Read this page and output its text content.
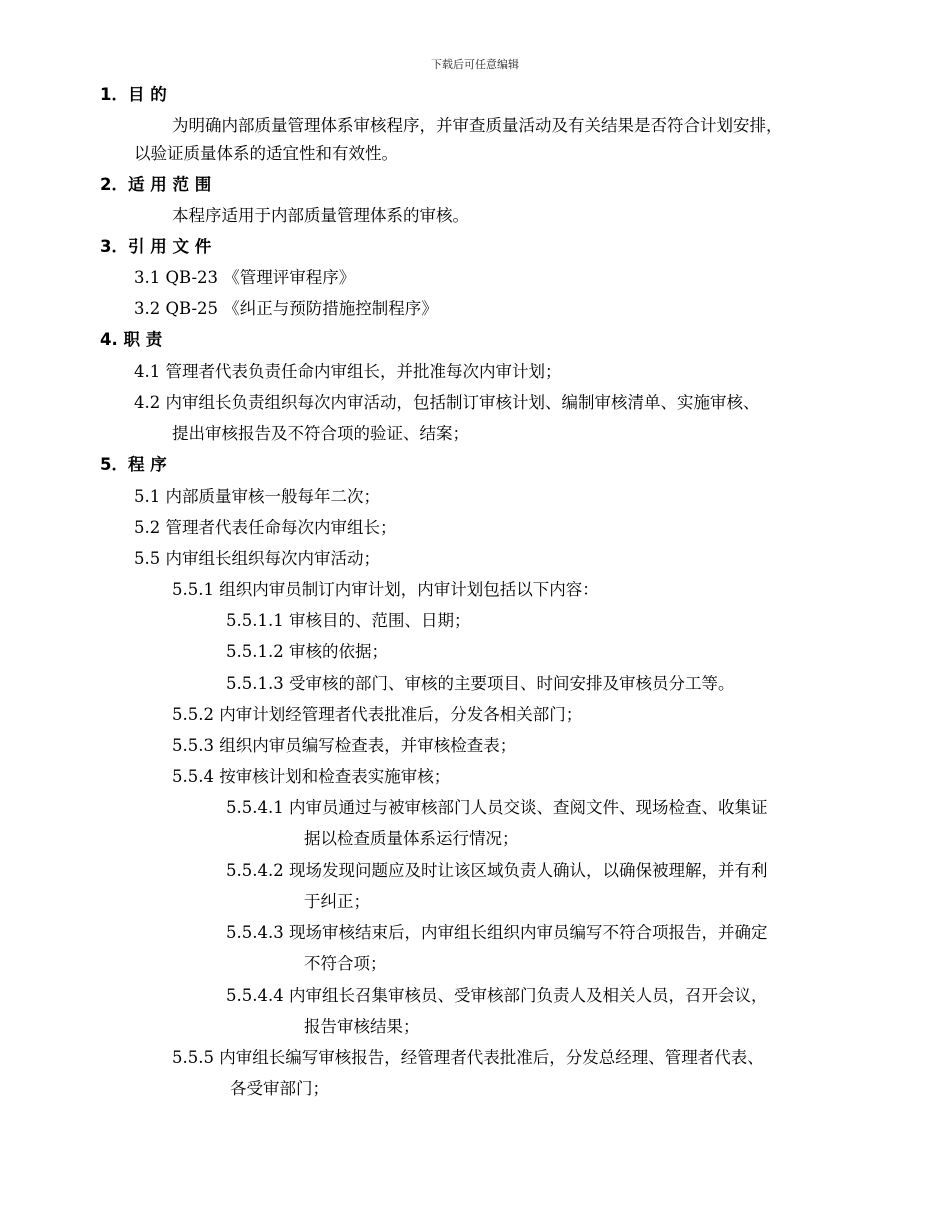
下载后可任意编辑
1．目 的
为明确内部质量管理体系审核程序，并审查质量活动及有关结果是否符合计划安排，
以验证质量体系的适宜性和有效性。
2．适 用 范 围
本程序适用于内部质量管理体系的审核。
3．引 用 文 件
3.1 QB-23 《管理评审程序》
3.2 QB-25 《纠正与预防措施控制程序》
4. 职 责
4.1 管理者代表负责任命内审组长，并批准每次内审计划；
4.2 内审组长负责组织每次内审活动，包括制订审核计划、编制审核清单、实施审核、
提出审核报告及不符合项的验证、结案；
5．程 序
5.1 内部质量审核一般每年二次；
5.2 管理者代表任命每次内审组长；
5.5 内审组长组织每次内审活动；
5.5.1 组织内审员制订内审计划，内审计划包括以下内容：
5.5.1.1 审核目的、范围、日期；
5.5.1.2 审核的依据；
5.5.1.3 受审核的部门、审核的主要项目、时间安排及审核员分工等。
5.5.2 内审计划经管理者代表批准后，分发各相关部门；
5.5.3 组织内审员编写检查表，并审核检查表；
5.5.4 按审核计划和检查表实施审核；
5.5.4.1 内审员通过与被审核部门人员交谈、查阅文件、现场检查、收集证
据以检查质量体系运行情况；
5.5.4.2 现场发现问题应及时让该区域负责人确认，以确保被理解，并有利
于纠正；
5.5.4.3 现场审核结束后，内审组长组织内审员编写不符合项报告，并确定
不符合项；
5.5.4.4 内审组长召集审核员、受审核部门负责人及相关人员，召开会议，
报告审核结果；
5.5.5 内审组长编写审核报告，经管理者代表批准后，分发总经理、管理者代表、
各受审部门；
